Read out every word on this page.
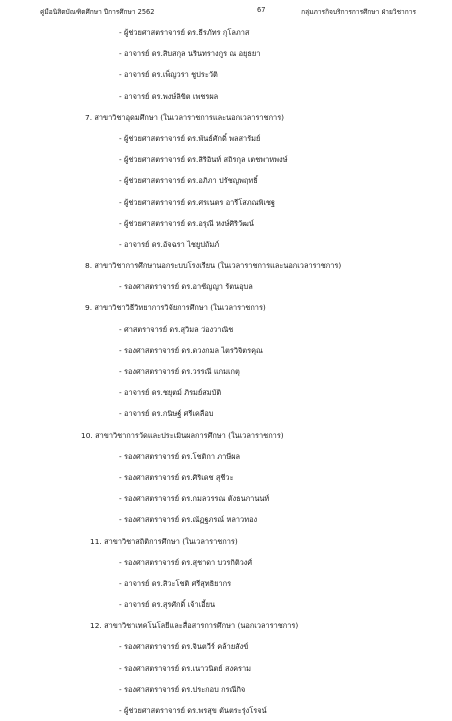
คู่มือนิสิตบัณฑิตศึกษา ปีการศึกษา 2562	67	กลุ่มภารกิจบริการการศึกษา ฝ่ายวิชาการ
- ผู้ช่วยศาสตราจารย์ ดร.ธีรภัทร กุโลภาส
- อาจารย์ ดร.สิบสกุล นรินทรางกูร ณ อยุธยา
- อาจารย์ ดร.เพ็ญวรา ชูประวัติ
- อาจารย์ ดร.พงษ์ลิขิต เพชรผล
7. สาขาวิชาอุดมศึกษา (ในเวลาราชการและนอกเวลาราชการ)
- ผู้ช่วยศาสตราจารย์ ดร.พันธ์ศักดิ์ พลสารัมย์
- ผู้ช่วยศาสตราจารย์ ดร.สิริอินท์ สถิรกุล เตชพาหพงษ์
- ผู้ช่วยศาสตราจารย์ ดร.อภิภา ปรัชญพฤทธิ์
- ผู้ช่วยศาสตราจารย์ ดร.ศรเนตร อารีโสภณพิเชฐ
- ผู้ช่วยศาสตราจารย์ ดร.อรุณี หงษ์ศิริวัฒน์
- อาจารย์ ดร.อัจฉรา ไชยูปถัมภ์
8. สาขาวิชาการศึกษานอกระบบโรงเรียน (ในเวลาราชการและนอกเวลาราชการ)
- รองศาสตราจารย์ ดร.อาชัญญา รัตนอุบล
9. สาขาวิชาวิธีวิทยาการวิจัยการศึกษา (ในเวลาราชการ)
- ศาสตราจารย์ ดร.สุวิมล ว่องวาณิช
- รองศาสตราจารย์ ดร.ดวงกมล ไตรวิจิตรคุณ
- รองศาสตราจารย์ ดร.วรรณี แกมเกตุ
- อาจารย์ ดร.ชยุตม์ ภิรมย์สมบัติ
- อาจารย์ ดร.กนิษฐ์ ศรีเคลือบ
10. สาขาวิชาการวัดและประเมินผลการศึกษา (ในเวลาราชการ)
- รองศาสตราจารย์ ดร.โชติกา ภาษีผล
- รองศาสตราจารย์ ดร.ศิริเดช สุชีวะ
- รองศาสตราจารย์ ดร.กมลวรรณ ตังธนกานนท์
- รองศาสตราจารย์ ดร.ณัฏฐภรณ์ หลาวทอง
11. สาขาวิชาสถิติการศึกษา (ในเวลาราชการ)
- รองศาสตราจารย์ ดร.สุชาดา บวรกิติวงศ์
- อาจารย์ ดร.สิวะโชติ ศรีสุทธิยากร
- อาจารย์ ดร.สุรศักดิ์ เจ้าเอี้ยน
12. สาขาวิชาเทคโนโลยีและสื่อสารการศึกษา (นอกเวลาราชการ)
- รองศาสตราจารย์ ดร.จินตวีร์ คล้ายสังข์
- รองศาสตราจารย์ ดร.เนาวนิตย์ สงคราม
- รองศาสตราจารย์ ดร.ประกอบ กรณีกิจ
- ผู้ช่วยศาสตราจารย์ ดร.พรสุข ตันตระรุ่งโรจน์
